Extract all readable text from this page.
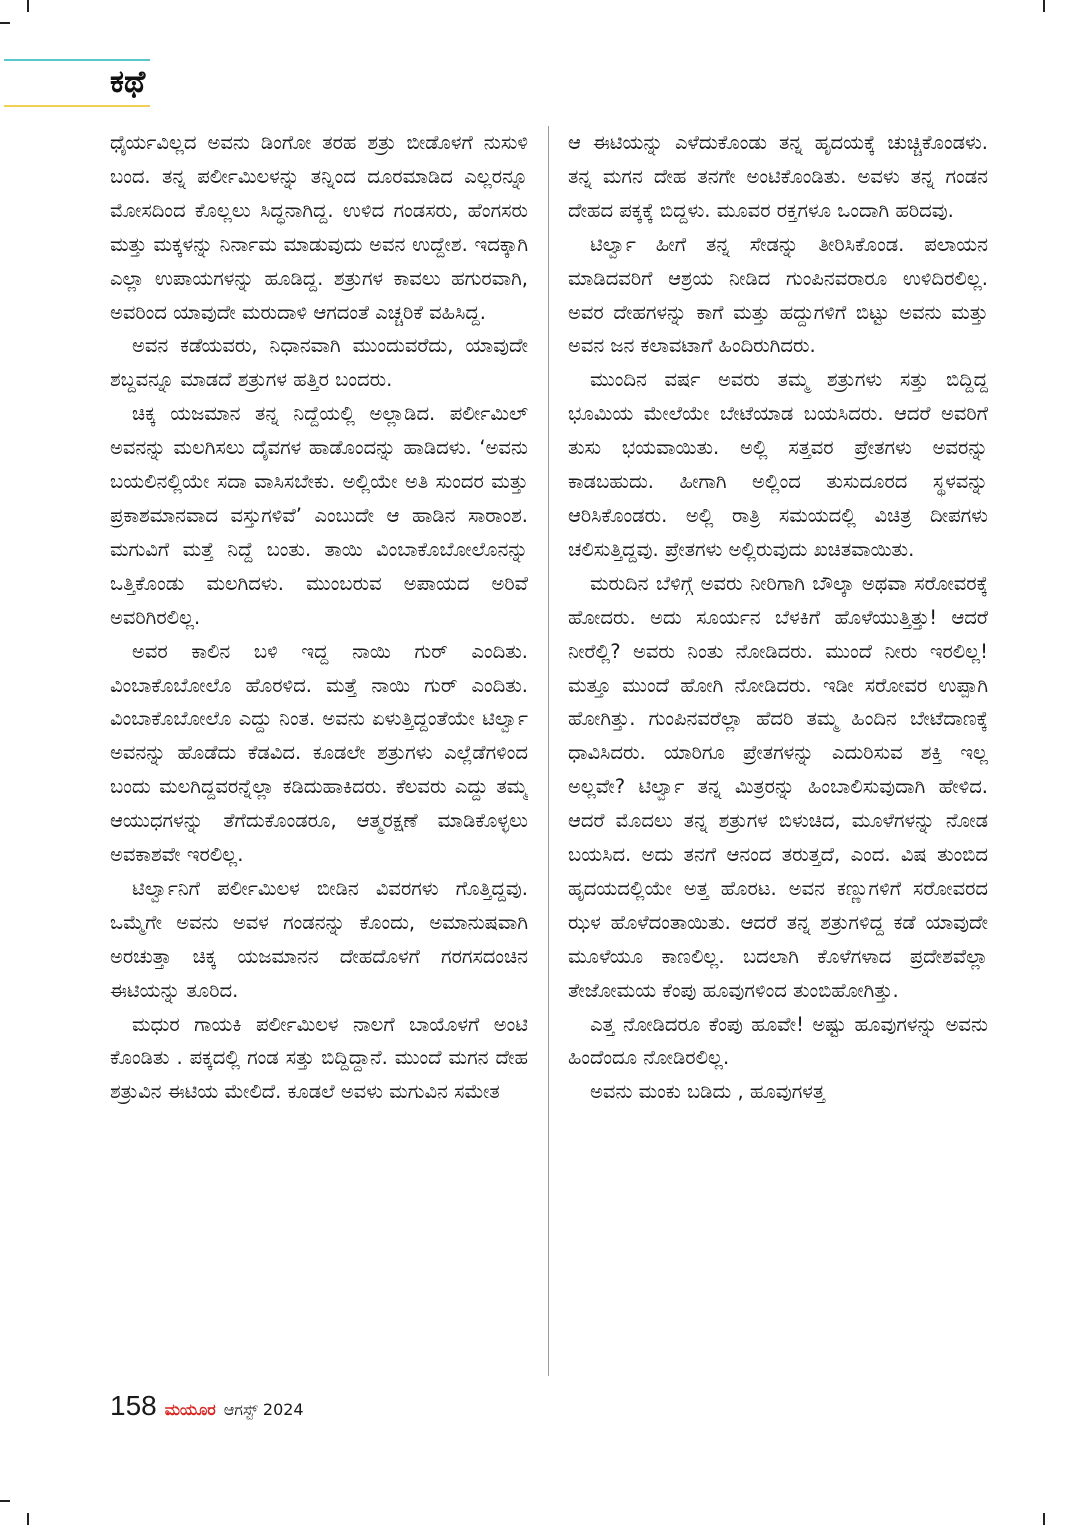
ಕಥೆ

ಧೈರ್ಯವಿಲ್ಲದ ಅವನು ಡಿಂಗೋ ತರಹ ಶತ್ರು ಬೀಡೊಳಗೆ ನುಸುಳಿ ಬಂದ. ತನ್ನ ಪರ್ಲೀಮಿಲಳನ್ನು ತನ್ನಿಂದ ದೂರಮಾಡಿದ ಎಲ್ಲರನ್ನೂ ಮೋಸದಿಂದ ಕೊಲ್ಲಲು ಸಿದ್ಧನಾಗಿದ್ದ. ಉಳಿದ ಗಂಡಸರು, ಹೆಂಗಸರು ಮತ್ತು ಮಕ್ಕಳನ್ನು ನಿರ್ನಾಮ ಮಾಡುವುದು ಅವನ ಉದ್ದೇಶ. ಇದಕ್ಕಾಗಿ ಎಲ್ಲಾ ಉಪಾಯಗಳನ್ನು ಹೂಡಿದ್ದ. ಶತ್ರುಗಳ ಕಾವಲು ಹಗುರವಾಗಿ, ಅವರಿಂದ ಯಾವುದೇ ಮರುದಾಳಿ ಆಗದಂತೆ ಎಚ್ಚರಿಕೆ ವಹಿಸಿದ್ದ.

ಅವನ ಕಡೆಯವರು, ನಿಧಾನವಾಗಿ ಮುಂದುವರೆದು, ಯಾವುದೇ ಶಬ್ದವನ್ನೂ ಮಾಡದೆ ಶತ್ರುಗಳ ಹತ್ತಿರ ಬಂದರು.

ಚಿಕ್ಕ ಯಜಮಾನ ತನ್ನ ನಿದ್ದೆಯಲ್ಲಿ ಅಲ್ಲಾಡಿದ. ಪರ್ಲೀಮಿಲ್ ಅವನನ್ನು ಮಲಗಿಸಲು ದೈವಗಳ ಹಾಡೊಂದನ್ನು ಹಾಡಿದಳು. ‘ಅವನು ಬಯಲಿನಲ್ಲಿಯೇ ಸದಾ ವಾಸಿಸಬೇಕು. ಅಲ್ಲಿಯೇ ಅತಿ ಸುಂದರ ಮತ್ತು ಪ್ರಕಾಶಮಾನವಾದ ವಸ್ತುಗಳಿವೆ’ ಎಂಬುದೇ ಆ ಹಾಡಿನ ಸಾರಾಂಶ. ಮಗುವಿಗೆ ಮತ್ತೆ ನಿದ್ದೆ ಬಂತು. ತಾಯಿ ವಿಂಬಾಕೊಬೋಲೊನನ್ನು ಒತ್ತಿಕೊಂಡು ಮಲಗಿದಳು. ಮುಂಬರುವ ಅಪಾಯದ ಅರಿವೆ ಅವರಿಗಿರಲಿಲ್ಲ.

ಅವರ ಕಾಲಿನ ಬಳಿ ಇದ್ದ ನಾಯಿ ಗುರ್ ಎಂದಿತು. ವಿಂಬಾಕೊಬೋಲೊ ಹೊರಳಿದ. ಮತ್ತೆ ನಾಯಿ ಗುರ್ ಎಂದಿತು. ವಿಂಬಾಕೊಬೋಲೊ ಎದ್ದು ನಿಂತ. ಅವನು ಏಳುತ್ತಿದ್ದಂತೆಯೇ ಟಿರ್ಲ್ವಾ ಅವನನ್ನು ಹೊಡೆದು ಕೆಡವಿದ. ಕೂಡಲೇ ಶತ್ರುಗಳು ಎಲ್ಲೆಡೆಗಳಿಂದ ಬಂದು ಮಲಗಿದ್ದವರನ್ನೆಲ್ಲಾ ಕಡಿದುಹಾಕಿದರು. ಕೆಲವರು ಎದ್ದು ತಮ್ಮ ಆಯುಧಗಳನ್ನು ತೆಗೆದುಕೊಂಡರೂ, ಆತ್ಮರಕ್ಷಣೆ ಮಾಡಿಕೊಳ್ಳಲು ಅವಕಾಶವೇ ಇರಲಿಲ್ಲ.

ಟಿರ್ಲ್ವಾನಿಗೆ ಪರ್ಲೀಮಿಲಳ ಬೀಡಿನ ವಿವರಗಳು ಗೊತ್ತಿದ್ದವು. ಒಮ್ಮೆಗೇ ಅವನು ಅವಳ ಗಂಡನನ್ನು ಕೊಂದು, ಅಮಾನುಷವಾಗಿ ಅರಚುತ್ತಾ ಚಿಕ್ಕ ಯಜಮಾನನ ದೇಹದೊಳಗೆ ಗರಗಸದಂಚಿನ ಈಟಿಯನ್ನು ತೂರಿದ.

ಮಧುರ ಗಾಯಕಿ ಪರ್ಲೀಮಿಲಳ ನಾಲಗೆ ಬಾಯೊಳಗೆ ಅಂಟಿ ಕೊಂಡಿತು . ಪಕ್ಕದಲ್ಲಿ ಗಂಡ ಸತ್ತು ಬಿದ್ದಿದ್ದಾನೆ. ಮುಂದೆ ಮಗನ ದೇಹ ಶತ್ರುವಿನ ಈಟಿಯ ಮೇಲಿದೆ. ಕೂಡಲೆ ಅವಳು ಮಗುವಿನ ಸಮೇತ

ಆ ಈಟಿಯನ್ನು ಎಳೆದುಕೊಂಡು ತನ್ನ ಹೃದಯಕ್ಕೆ ಚುಚ್ಚಿಕೊಂಡಳು. ತನ್ನ ಮಗನ ದೇಹ ತನಗೇ ಅಂಟಿಕೊಂಡಿತು. ಅವಳು ತನ್ನ ಗಂಡನ ದೇಹದ ಪಕ್ಕಕ್ಕೆ ಬಿದ್ದಳು. ಮೂವರ ರಕ್ತಗಳೂ ಒಂದಾಗಿ ಹರಿದವು.

ಟಿರ್ಲ್ವಾ ಹೀಗೆ ತನ್ನ ಸೇಡನ್ನು ತೀರಿಸಿಕೊಂಡ. ಪಲಾಯನ ಮಾಡಿದವರಿಗೆ ಆಶ್ರಯ ನೀಡಿದ ಗುಂಪಿನವರಾರೂ ಉಳಿದಿರಲಿಲ್ಲ. ಅವರ ದೇಹಗಳನ್ನು ಕಾಗೆ ಮತ್ತು ಹದ್ದುಗಳಿಗೆ ಬಿಟ್ಟು ಅವನು ಮತ್ತು ಅವನ ಜನ ಕಲಾವಟಾಗೆ ಹಿಂದಿರುಗಿದರು.

ಮುಂದಿನ ವರ್ಷ ಅವರು ತಮ್ಮ ಶತ್ರುಗಳು ಸತ್ತು ಬಿದ್ದಿದ್ದ ಭೂಮಿಯ ಮೇಲೆಯೇ ಬೇಟೆಯಾಡ ಬಯಸಿದರು. ಆದರೆ ಅವರಿಗೆ ತುಸು ಭಯವಾಯಿತು. ಅಲ್ಲಿ ಸತ್ತವರ ಪ್ರೇತಗಳು ಅವರನ್ನು ಕಾಡಬಹುದು. ಹೀಗಾಗಿ ಅಲ್ಲಿಂದ ತುಸುದೂರದ ಸ್ಥಳವನ್ನು ಆರಿಸಿಕೊಂಡರು. ಅಲ್ಲಿ ರಾತ್ರಿ ಸಮಯದಲ್ಲಿ ವಿಚಿತ್ರ ದೀಪಗಳು ಚಲಿಸುತ್ತಿದ್ದವು. ಪ್ರೇತಗಳು ಅಲ್ಲಿರುವುದು ಖಚಿತವಾಯಿತು.

ಮರುದಿನ ಬೆಳಿಗ್ಗೆ ಅವರು ನೀರಿಗಾಗಿ ಬೌಲ್ಕಾ ಅಥವಾ ಸರೋವರಕ್ಕೆ ಹೋದರು. ಅದು ಸೂರ್ಯನ ಬೆಳಕಿಗೆ ಹೊಳೆಯುತ್ತಿತ್ತು! ಆದರೆ ನೀರೆಲ್ಲಿ? ಅವರು ನಿಂತು ನೋಡಿದರು. ಮುಂದೆ ನೀರು ಇರಲಿಲ್ಲ! ಮತ್ತೂ ಮುಂದೆ ಹೋಗಿ ನೋಡಿದರು. ಇಡೀ ಸರೋವರ ಉಪ್ಪಾಗಿ ಹೋಗಿತ್ತು. ಗುಂಪಿನವರೆಲ್ಲಾ ಹೆದರಿ ತಮ್ಮ ಹಿಂದಿನ ಬೇಟೆದಾಣಕ್ಕೆ ಧಾವಿಸಿದರು. ಯಾರಿಗೂ ಪ್ರೇತಗಳನ್ನು ಎದುರಿಸುವ ಶಕ್ತಿ ಇಲ್ಲ ಅಲ್ಲವೇ? ಟಿರ್ಲ್ವಾ ತನ್ನ ಮಿತ್ರರನ್ನು ಹಿಂಬಾಲಿಸುವುದಾಗಿ ಹೇಳಿದ. ಆದರೆ ಮೊದಲು ತನ್ನ ಶತ್ರುಗಳ ಬಿಳುಚಿದ, ಮೂಳೆಗಳನ್ನು ನೋಡ ಬಯಸಿದ. ಅದು ತನಗೆ ಆನಂದ ತರುತ್ತದೆ, ಎಂದ. ವಿಷ ತುಂಬಿದ ಹೃದಯದಲ್ಲಿಯೇ ಅತ್ತ ಹೊರಟ. ಅವನ ಕಣ್ಣುಗಳಿಗೆ ಸರೋವರದ ಝಳ ಹೊಳೆದಂತಾಯಿತು. ಆದರೆ ತನ್ನ ಶತ್ರುಗಳಿದ್ದ ಕಡೆ ಯಾವುದೇ ಮೂಳೆಯೂ ಕಾಣಲಿಲ್ಲ. ಬದಲಾಗಿ ಕೊಳೆಗಳಾದ ಪ್ರದೇಶವೆಲ್ಲಾ ತೇಜೋಮಯ ಕೆಂಪು ಹೂವುಗಳಿಂದ ತುಂಬಿಹೋಗಿತ್ತು.

ಎತ್ತ ನೋಡಿದರೂ ಕೆಂಪು ಹೂವೇ! ಅಷ್ಟು ಹೂವುಗಳನ್ನು ಅವನು ಹಿಂದೆಂದೂ ನೋಡಿರಲಿಲ್ಲ.

ಅವನು ಮಂಕು ಬಡಿದು , ಹೂವುಗಳತ್ತ

158 ಮಯೂರ ಆಗಸ್ಟ್ 2024
